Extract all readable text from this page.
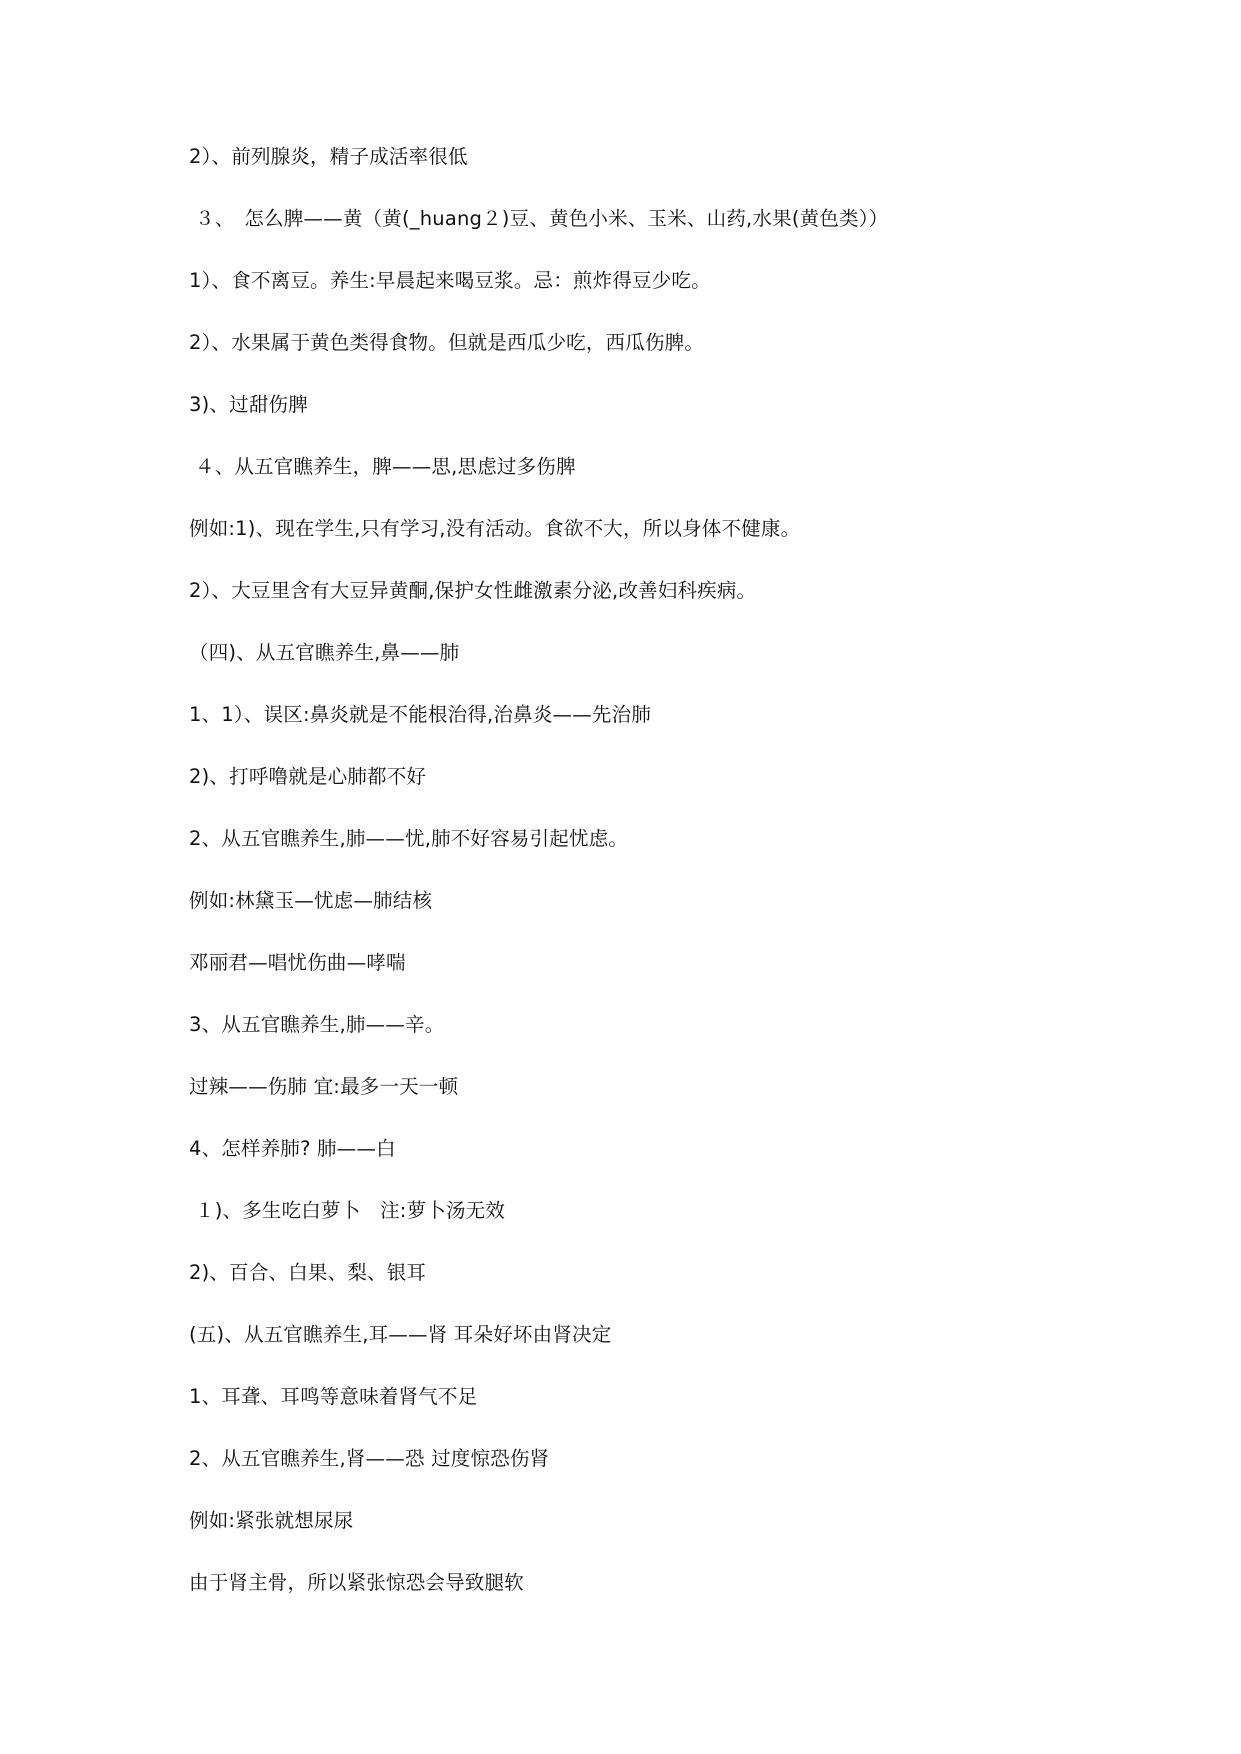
2）、前列腺炎，精子成活率很低
３、　怎么脾——黄（黄(_huang２)豆、黄色小米、玉米、山药,水果(黄色类））
1）、食不离豆。养生:早晨起来喝豆浆。忌：煎炸得豆少吃。
2）、水果属于黄色类得食物。但就是西瓜少吃，西瓜伤脾。
3)、过甜伤脾
４、从五官瞧养生，脾——思,思虑过多伤脾
例如:1)、现在学生,只有学习,没有活动。食欲不大，所以身体不健康。
2）、大豆里含有大豆异黄酮,保护女性雌激素分泌,改善妇科疾病。
（四)、从五官瞧养生,鼻——肺
1、1）、误区:鼻炎就是不能根治得,治鼻炎——先治肺
2)、打呼噜就是心肺都不好
2、从五官瞧养生,肺——忧,肺不好容易引起忧虑。
例如:林黛玉—忧虑—肺结核
邓丽君—唱忧伤曲—哮喘
3、从五官瞧养生,肺——辛。
过辣——伤肺 宜:最多一天一顿
4、怎样养肺? 肺——白
１)、多生吃白萝卜　注:萝卜汤无效
2)、百合、白果、梨、银耳
(五)、从五官瞧养生,耳——肾 耳朵好坏由肾决定
1、耳聋、耳鸣等意味着肾气不足
2、从五官瞧养生,肾——恐 过度惊恐伤肾
例如:紧张就想尿尿
由于肾主骨，所以紧张惊恐会导致腿软
